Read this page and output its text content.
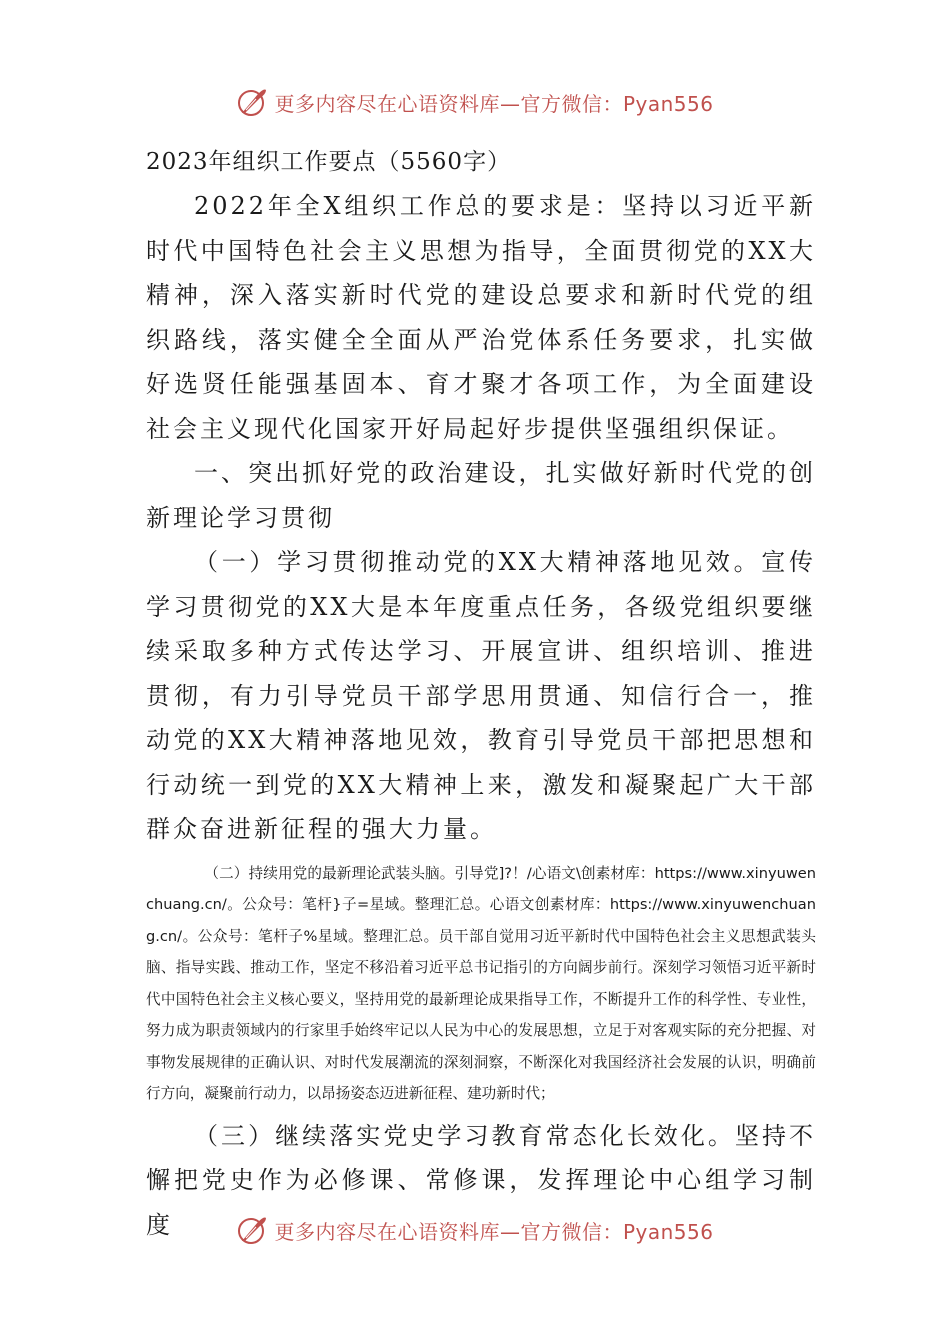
更多内容尽在心语资料库—官方微信：Pyan556

2023年组织工作要点（5560字）

2022年全X组织工作总的要求是：坚持以习近平新时代中国特色社会主义思想为指导，全面贯彻党的XX大精神，深入落实新时代党的建设总要求和新时代党的组织路线，落实健全全面从严治党体系任务要求，扎实做好选贤任能强基固本、育才聚才各项工作，为全面建设社会主义现代化国家开好局起好步提供坚强组织保证。

一、突出抓好党的政治建设，扎实做好新时代党的创新理论学习贯彻

（一）学习贯彻推动党的XX大精神落地见效。宣传学习贯彻党的XX大是本年度重点任务，各级党组织要继续采取多种方式传达学习、开展宣讲、组织培训、推进贯彻，有力引导党员干部学思用贯通、知信行合一，推动党的XX大精神落地见效，教育引导党员干部把思想和行动统一到党的XX大精神上来，激发和凝聚起广大干部群众奋进新征程的强大力量。

（二）持续用党的最新理论武装头脑。引导党]?！/心语文\创素材库：https://www.xinyuwenchuang.cn/。公众号：笔杆}子=星域。整理汇总。心语文创素材库：https://www.xinyuwenchuang.cn/。公众号：笔杆子%星域。整理汇总。员干部自觉用习近平新时代中国特色社会主义思想武装头脑、指导实践、推动工作，坚定不移沿着习近平总书记指引的方向阔步前行。深刻学习领悟习近平新时代中国特色社会主义核心要义，坚持用党的最新理论成果指导工作，不断提升工作的科学性、专业性，努力成为职责领域内的行家里手始终牢记以人民为中心的发展思想，立足于对客观实际的充分把握、对事物发展规律的正确认识、对时代发展潮流的深刻洞察，不断深化对我国经济社会发展的认识，明确前行方向，凝聚前行动力，以昂扬姿态迈进新征程、建功新时代；

（三）继续落实党史学习教育常态化长效化。坚持不懈把党史作为必修课、常修课，发挥理论中心组学习制度	更多内容尽在心语资料库—官方微信：Pyan556
